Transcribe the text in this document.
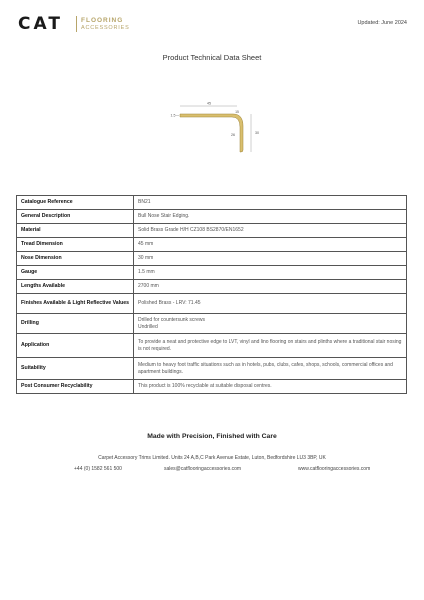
CAT	FLOORING
ACCESSORIES
Updated: June 2024
Product Technical Data Sheet
45
1.5
15
26	30
Catalogue Reference	BN21
General Description	Bull Nose Stair Edging.
Material	Solid Brass Grade H/H CZ108 BS2870/EN1652
Tread Dimension	45 mm
Nose Dimension	30 mm
Gauge	1.5 mm
Lengths Available	2700 mm
Finishes Available & Light Reflective Values	Polished Brass - LRV: 71.45
Drilling	Drilled for countersunk screws
Undrilled
Application	To provide a neat and protective edge to LVT, vinyl and lino flooring on stairs and plinths where a traditional stair nosing is not required.
Suitability	Medium to heavy foot traffic situations such as in hotels, pubs, clubs, cafes, shops, schools, commercial offices and apartment buildings.
Post Consumer Recyclability	This product is 100% recyclable at suitable disposal centres.
Made with Precision, Finished with Care
Carpet Accessory Trims Limited. Units 24 A,B,C Park Avenue Estate, Luton, Bedfordshire LU3 3BP, UK
+44 (0) 1582 561 500	sales@catflooringaccessories.com	www.catflooringaccessories.com
